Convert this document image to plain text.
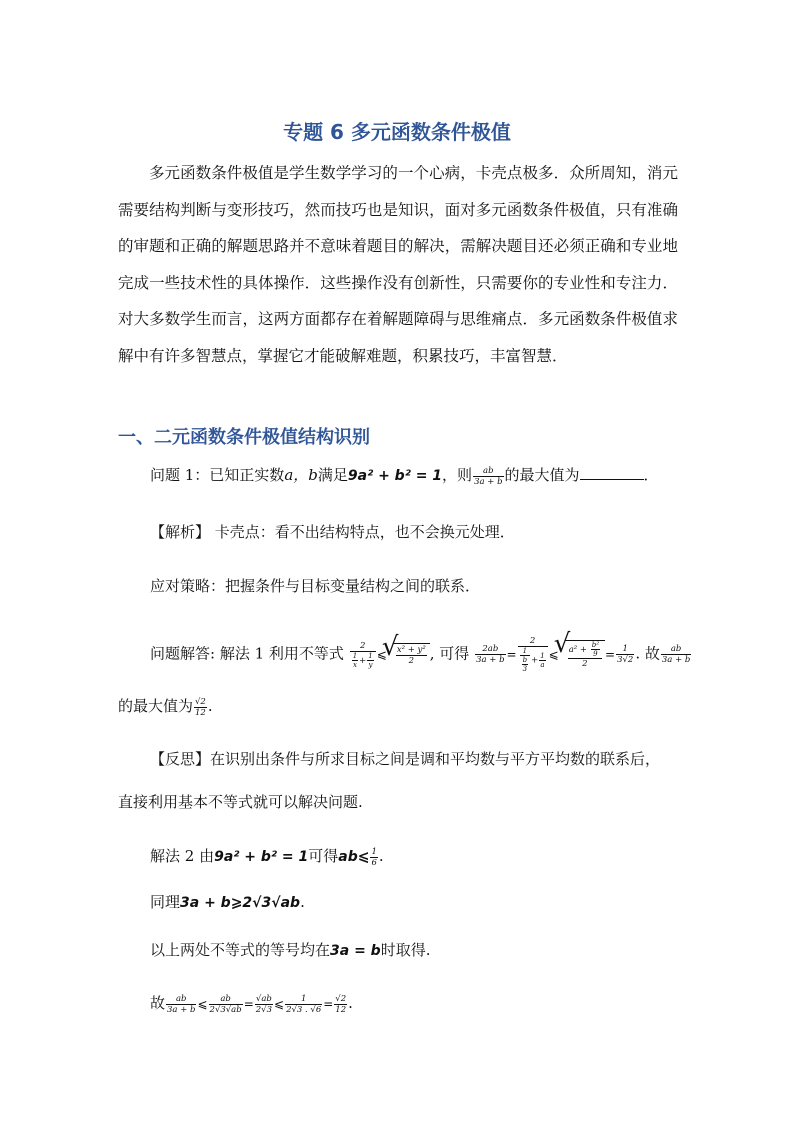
专题 6 多元函数条件极值
多元函数条件极值是学生数学学习的一个心病，卡壳点极多．众所周知，消元需要结构判断与变形技巧，然而技巧也是知识，面对多元函数条件极值，只有准确的审题和正确的解题思路并不意味着题目的解决，需解决题目还必须正确和专业地完成一些技术性的具体操作．这些操作没有创新性，只需要你的专业性和专注力．对大多数学生而言，这两方面都存在着解题障碍与思维痛点．多元函数条件极值求解中有许多智慧点，掌握它才能破解难题，积累技巧，丰富智慧．
一、二元函数条件极值结构识别
问题 1：已知正实数a，b满足9a² + b² = 1，则 $\frac{ab}{3a + b}$ 的最大值为	．
【解析】 卡壳点：看不出结构特点，也不会换元处理．
应对策略：把握条件与目标变量结构之间的联系．
问题解答: 解法 1 利用不等式 $\frac{2}{\frac{1}{x} + \frac{1}{y}}$ ⩽ √ $\frac{\text{x² + y²}}{2}$ , 可得 $\frac{2ab}{3a + b} = \frac{2}{\frac{1}{\frac{b}{3}} + \frac{1}{a}}$ ⩽ √ $\frac{a^2 + \frac{\text{b²}}{9}}{2} = \frac{1}{3√2}$ . 故 $\frac{ab}{3a + b}$
的最大值为 $\frac{√2}{12}$ .
【反思】在识别出条件与所求目标之间是调和平均数与平方平均数的联系后，
直接利用基本不等式就可以解决问题.
解法 2 由9a² + b² = 1可得ab⩽ $\frac{1}{6}$ .
同理3a + b⩾2√3√ab.
以上两处不等式的等号均在3a = b时取得.
故 $\frac{ab}{3a + b}$ ⩽ $\frac{ab}{2√3√ab} = \frac{√ab}{2√3}$ ⩽ $\frac{1}{2√3 . √6} = \frac{√2}{12}$ .
